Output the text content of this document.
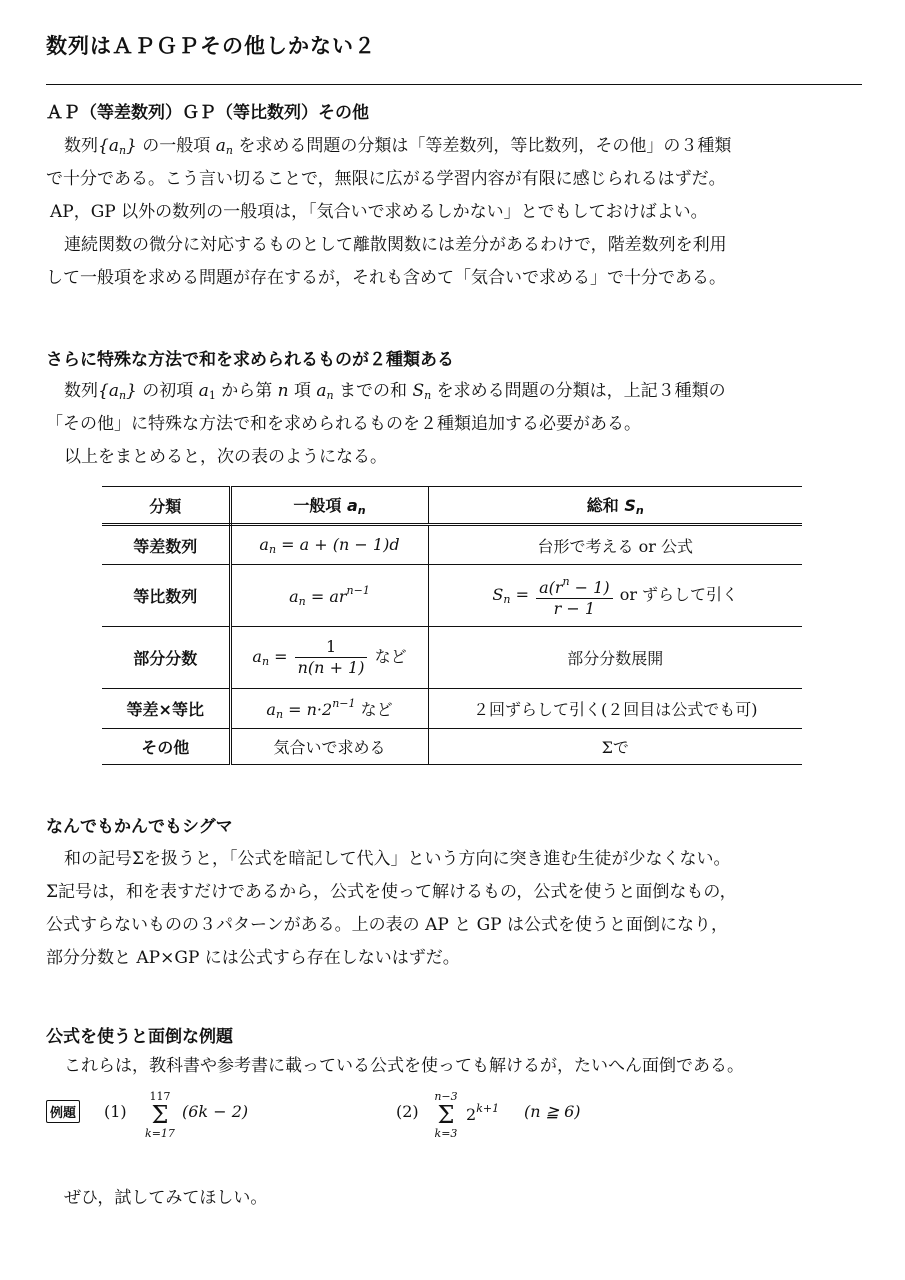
数列はＡＰＧＰその他しかない２
ＡＰ（等差数列）ＧＰ（等比数列）その他
数列$\{a_n\}$ の一般項 $a_n$ を求める問題の分類は「等差数列，等比数列，その他」の３種類
で十分である。こう言い切ることで，無限に広がる学習内容が有限に感じられるはずだ。
AP，GP 以外の数列の一般項は，「気合いで求めるしかない」とでもしておけばよい。
連続関数の微分に対応するものとして離散関数には差分があるわけで，階差数列を利用
して一般項を求める問題が存在するが，それも含めて「気合いで求める」で十分である。
さらに特殊な方法で和を求められるものが２種類ある
数列$\{a_n\}$ の初項 $a_1$ から第 n 項 $a_n$ までの和 $S_n$ を求める問題の分類は，上記３種類の
「その他」に特殊な方法で和を求められるものを２種類追加する必要がある。
以上をまとめると，次の表のようになる。
分類	一般項 $a_n$	総和 $S_n$
等差数列	$a_n = a + (n - 1)d$	台形で考える or 公式
等比数列	$a_n = ar^{n-1}$	$S_n = \frac{a(r^n - 1)}{r - 1}$ or ずらして引く
部分分数	$a_n = \frac{1}{n(n + 1)}$ など	部分分数展開
等差×等比	$a_n = n\cdot 2^{n-1}$ など	２回ずらして引く(２回目は公式でも可)
その他	気合いで求める	Σで
なんでもかんでもシグマ
和の記号Σを扱うと，「公式を暗記して代入」という方向に突き進む生徒が少なくない。
Σ記号は，和を表すだけであるから，公式を使って解けるもの，公式を使うと面倒なもの，
公式すらないものの３パターンがある。上の表の AP と GP は公式を使うと面倒になり，
部分分数と AP×GP には公式すら存在しないはずだ。
公式を使うと面倒な例題
これらは，教科書や参考書に載っている公式を使っても解けるが，たいへん面倒である。
例題 (1)
117
Σ
k=17
(6k − 2)	(2)
n−3
Σ
k=3
$2^{k+1}$ (n ≧ 6)
ぜひ，試してみてほしい。
